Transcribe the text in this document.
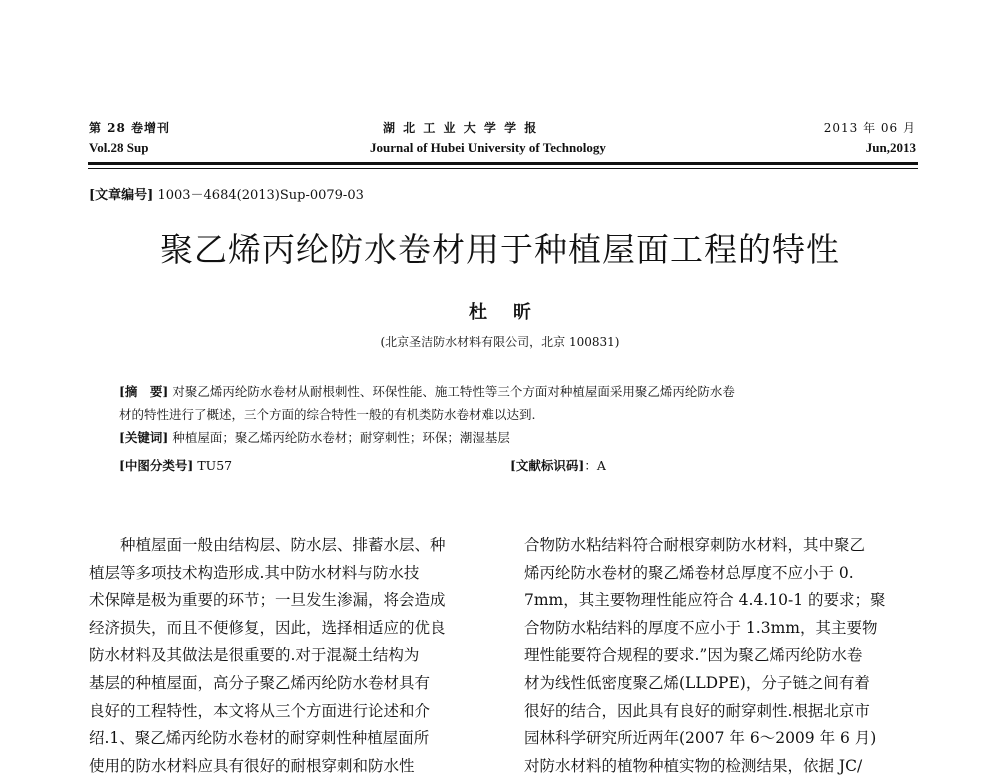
第 28 卷增刊
Vol.28 Sup
湖 北 工 业 大 学 学 报
Journal of Hubei University of Technology
2013 年 06 月
Jun,2013
[文章编号] 1003－4684(2013)Sup-0079-03
聚乙烯丙纶防水卷材用于种植屋面工程的特性
杜昕
(北京圣洁防水材料有限公司，北京 100831)
[摘　要] 对聚乙烯丙纶防水卷材从耐根刺性、环保性能、施工特性等三个方面对种植屋面采用聚乙烯丙纶防水卷
材的特性进行了概述，三个方面的综合特性一般的有机类防水卷材难以达到.
[关键词] 种植屋面；聚乙烯丙纶防水卷材；耐穿刺性；环保；潮湿基层
[中图分类号] TU57	[文献标识码]：A

种植屋面一般由结构层、防水层、排蓄水层、种

植层等多项技术构造形成.其中防水材料与防水技

术保障是极为重要的环节；一旦发生渗漏，将会造成

经济损失，而且不便修复，因此，选择相适应的优良

防水材料及其做法是很重要的.对于混凝土结构为

基层的种植屋面，高分子聚乙烯丙纶防水卷材具有

良好的工程特性，本文将从三个方面进行论述和介

绍.1、聚乙烯丙纶防水卷材的耐穿刺性种植屋面所

使用的防水材料应具有很好的耐根穿刺和防水性

合物防水粘结料符合耐根穿刺防水材料，其中聚乙

烯丙纶防水卷材的聚乙烯卷材总厚度不应小于 0.

7mm，其主要物理性能应符合 4.4.10-1 的要求；聚

合物防水粘结料的厚度不应小于 1.3mm，其主要物

理性能要符合规程的要求.”因为聚乙烯丙纶防水卷

材为线性低密度聚乙烯(LLDPE)，分子链之间有着

很好的结合，因此具有良好的耐穿刺性.根据北京市

园林科学研究所近两年(2007 年 6～2009 年 6 月)

对防水材料的植物种植实物的检测结果，依据 JC/
